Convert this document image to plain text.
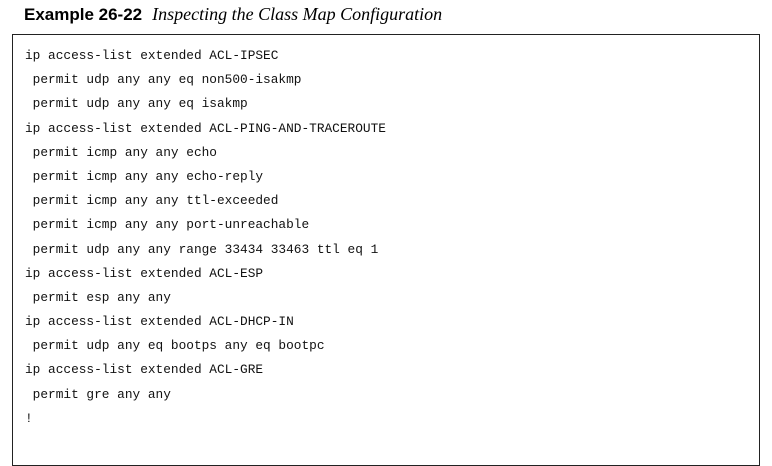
Example 26-22 Inspecting the Class Map Configuration
ip access-list extended ACL-IPSEC
permit udp any any eq non500-isakmp
permit udp any any eq isakmp
ip access-list extended ACL-PING-AND-TRACEROUTE
permit icmp any any echo
permit icmp any any echo-reply
permit icmp any any ttl-exceeded
permit icmp any any port-unreachable
permit udp any any range 33434 33463 ttl eq 1
ip access-list extended ACL-ESP
permit esp any any
ip access-list extended ACL-DHCP-IN
permit udp any eq bootps any eq bootpc
ip access-list extended ACL-GRE
permit gre any any
!
